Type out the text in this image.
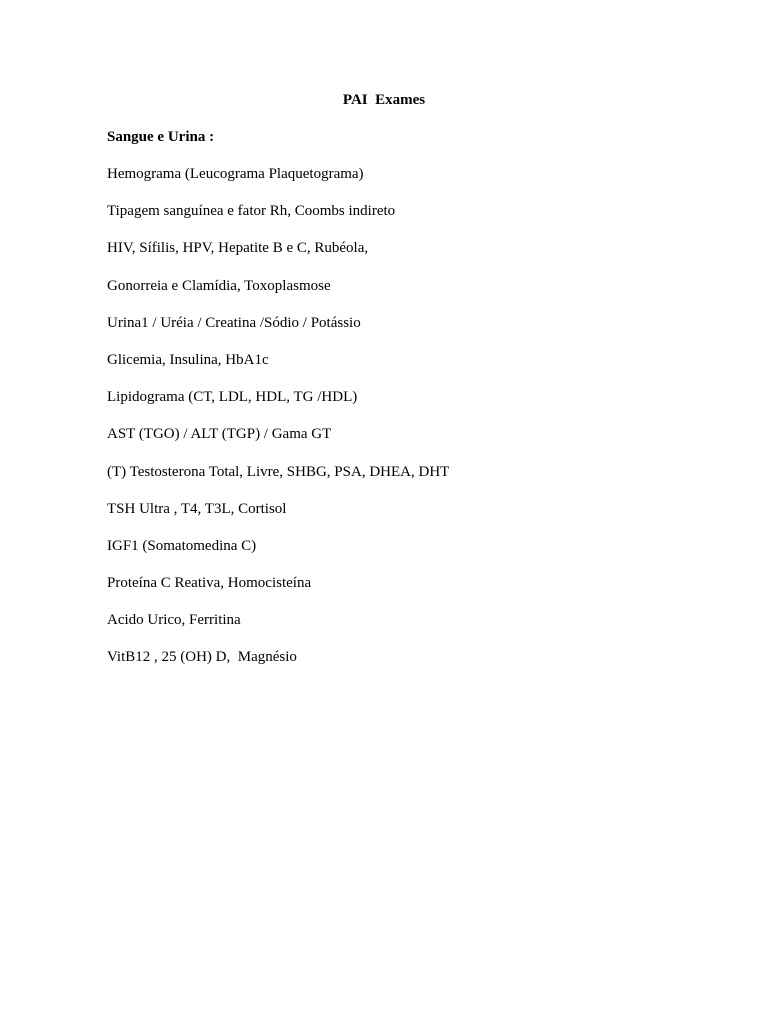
PAI  Exames
Sangue e Urina :
Hemograma (Leucograma Plaquetograma)
Tipagem sanguínea e fator Rh, Coombs indireto
HIV, Sífilis, HPV, Hepatite B e C, Rubéola,
Gonorreia e Clamídia, Toxoplasmose
Urina1 / Uréia / Creatina /Sódio / Potássio
Glicemia, Insulina, HbA1c
Lipidograma (CT, LDL, HDL, TG /HDL)
AST (TGO) / ALT (TGP) / Gama GT
(T) Testosterona Total, Livre, SHBG, PSA, DHEA, DHT
TSH Ultra , T4, T3L, Cortisol
IGF1 (Somatomedina C)
Proteína C Reativa, Homocisteína
Acido Urico, Ferritina
VitB12 , 25 (OH) D,  Magnésio
